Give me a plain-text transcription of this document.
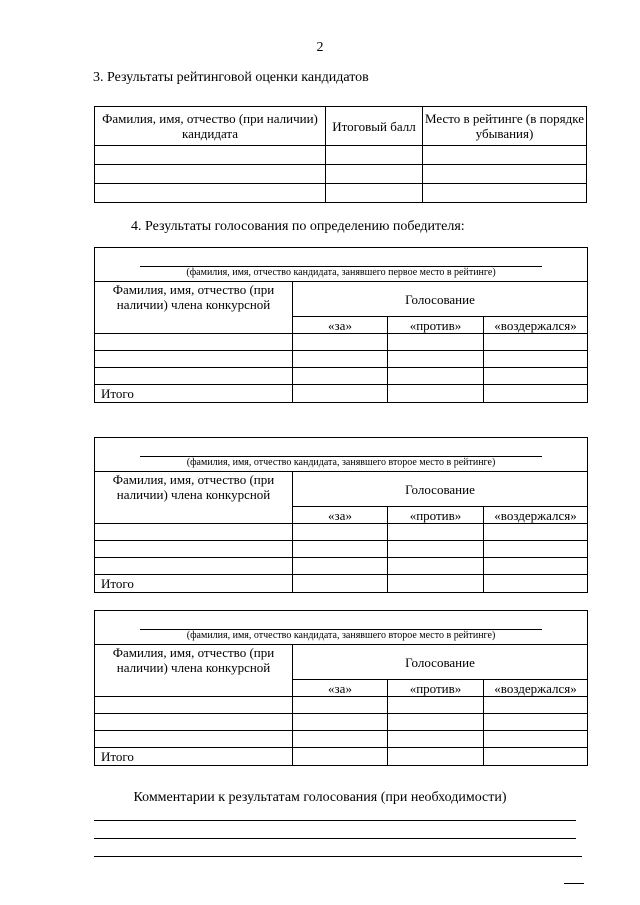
2
3. Результаты рейтинговой оценки кандидатов
Фамилия, имя, отчество (при наличии) кандидата	Итоговый балл	Место в рейтинге (в порядке убывания)

4. Результаты голосования по определению победителя:
(фамилия, имя, отчество кандидата, занявшего первое место в рейтинге)			

Фамилия, имя, отчество (при наличии) члена конкурсной	Голосование		
	«за»	«против»	«воздержался»

Итого			
(фамилия, имя, отчество кандидата, занявшего второе место в рейтинге)			

Фамилия, имя, отчество (при наличии) члена конкурсной	Голосование		
	«за»	«против»	«воздержался»

Итого			
(фамилия, имя, отчество кандидата, занявшего второе место в рейтинге)			

Фамилия, имя, отчество (при наличии) члена конкурсной	Голосование		
	«за»	«против»	«воздержался»

Итого			
Комментарии к результатам голосования (при необходимости)
